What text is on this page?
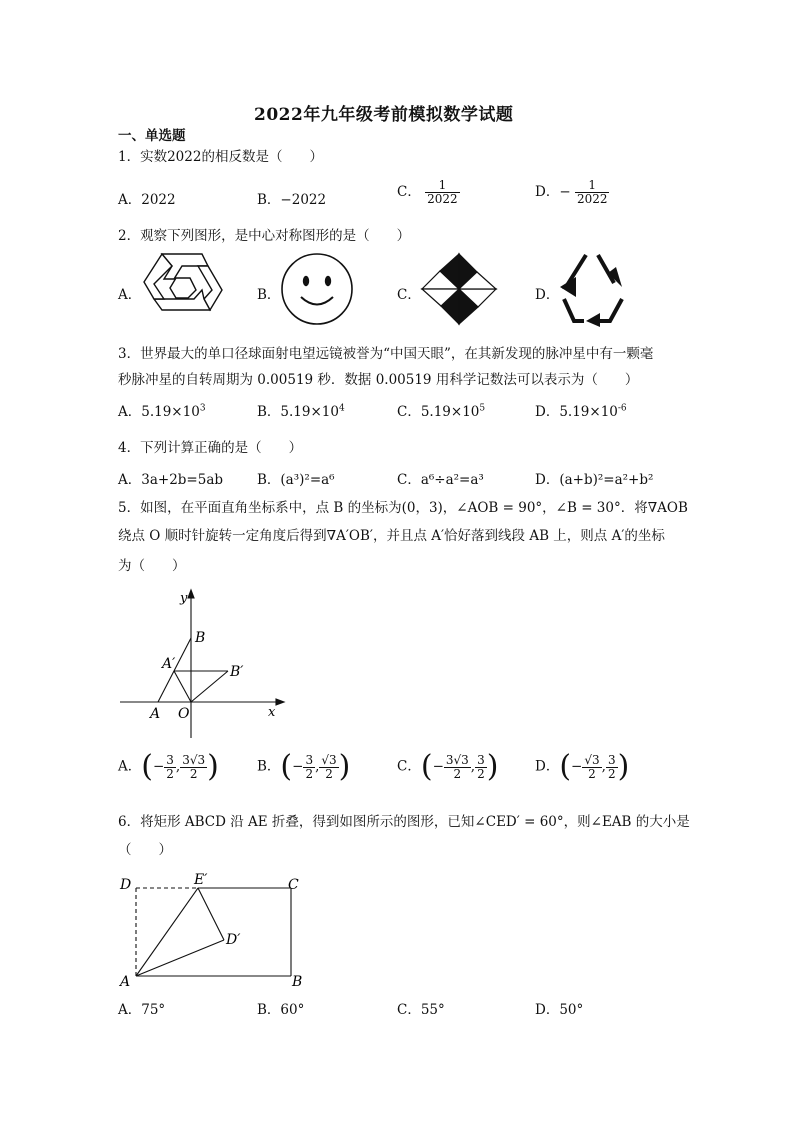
2022年九年级考前模拟数学试题
一、单选题
1．实数2022的相反数是（　　）
A．2022	B．−2022	C． $\frac{1}{2022}$	D．− $\frac{1}{2022}$
2．观察下列图形，是中心对称图形的是（　　）
A．	B．	C．	D．
3．世界最大的单口径球面射电望远镜被誉为“中国天眼”，在其新发现的脉冲星中有一颗毫
秒脉冲星的自转周期为 0.00519 秒．数据 0.00519 用科学记数法可以表示为（　　）
A．$5.19\times 10^3$	B．$5.19\times 10^4$	C．$5.19\times 10^5$	D．$5.19\times 10^{-6}$
4．下列计算正确的是（　　）
A．3a+2b=5ab	B．(a³)²=a⁶	C．a⁶÷a²=a³	D．(a+b)²=a²+b²
5．如图，在平面直角坐标系中，点 B 的坐标为(0，3)，∠AOB = 90°，∠B = 30°．将∇AOB
绕点 O 顺时针旋转一定角度后得到∇A′OB′，并且点 A′恰好落到线段 AB 上，则点 A′的坐标
为（　　）
y
x
B
A′	B′
A O
A．(− $\frac{3}{2}$ , $\frac{3√3}{2}$ )	B．(− $\frac{3}{2}$ , $\frac{√3}{2}$ )	C．(− $\frac{3√3}{2}$ , $\frac{3}{2}$ )	D．(− $\frac{√3}{2}$ , $\frac{3}{2}$ )
6．将矩形 ABCD 沿 AE 折叠，得到如图所示的图形，已知∠CED′ = 60°，则∠EAB 的大小是
（　　）
D	E′	C
D′
A	B
A．75°	B．60°	C．55°	D．50°
